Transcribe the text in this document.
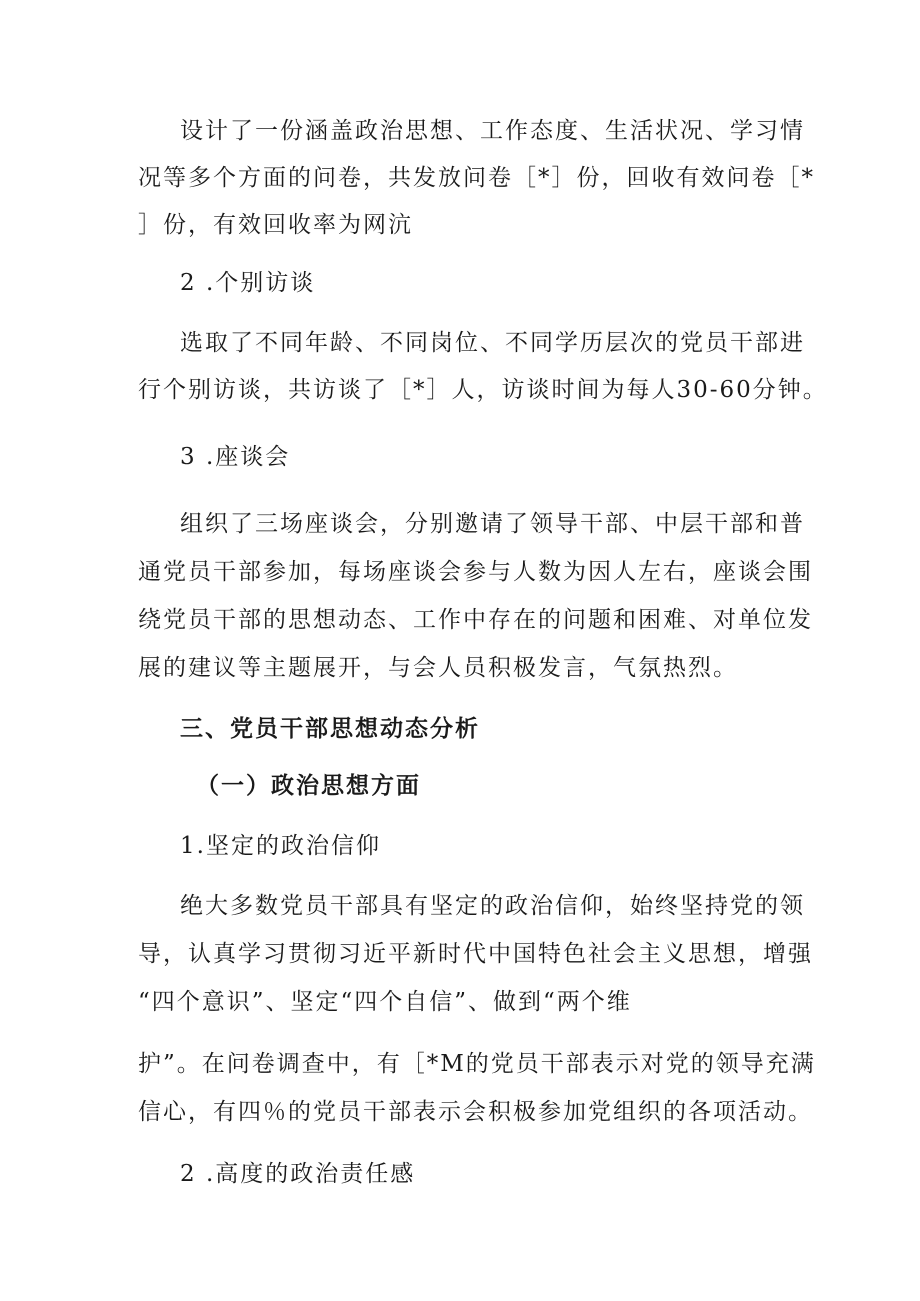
设计了一份涵盖政治思想、工作态度、生活状况、学习情
况等多个方面的问卷，共发放问卷［*］份，回收有效问卷［*
］份，有效回收率为网沆
2 .个别访谈
选取了不同年龄、不同岗位、不同学历层次的党员干部进
行个别访谈，共访谈了［*］人，访谈时间为每人30-60分钟。
3 .座谈会
组织了三场座谈会，分别邀请了领导干部、中层干部和普
通党员干部参加，每场座谈会参与人数为因人左右，座谈会围
绕党员干部的思想动态、工作中存在的问题和困难、对单位发
展的建议等主题展开，与会人员积极发言，气氛热烈。
三、党员干部思想动态分析
（一）政治思想方面
1.坚定的政治信仰
绝大多数党员干部具有坚定的政治信仰，始终坚持党的领
导，认真学习贯彻习近平新时代中国特色社会主义思想，增强
“四个意识”、坚定“四个自信”、做到“两个维
护”。在问卷调查中，有［*M的党员干部表示对党的领导充满
信心，有四％的党员干部表示会积极参加党组织的各项活动。
2 .高度的政治责任感
